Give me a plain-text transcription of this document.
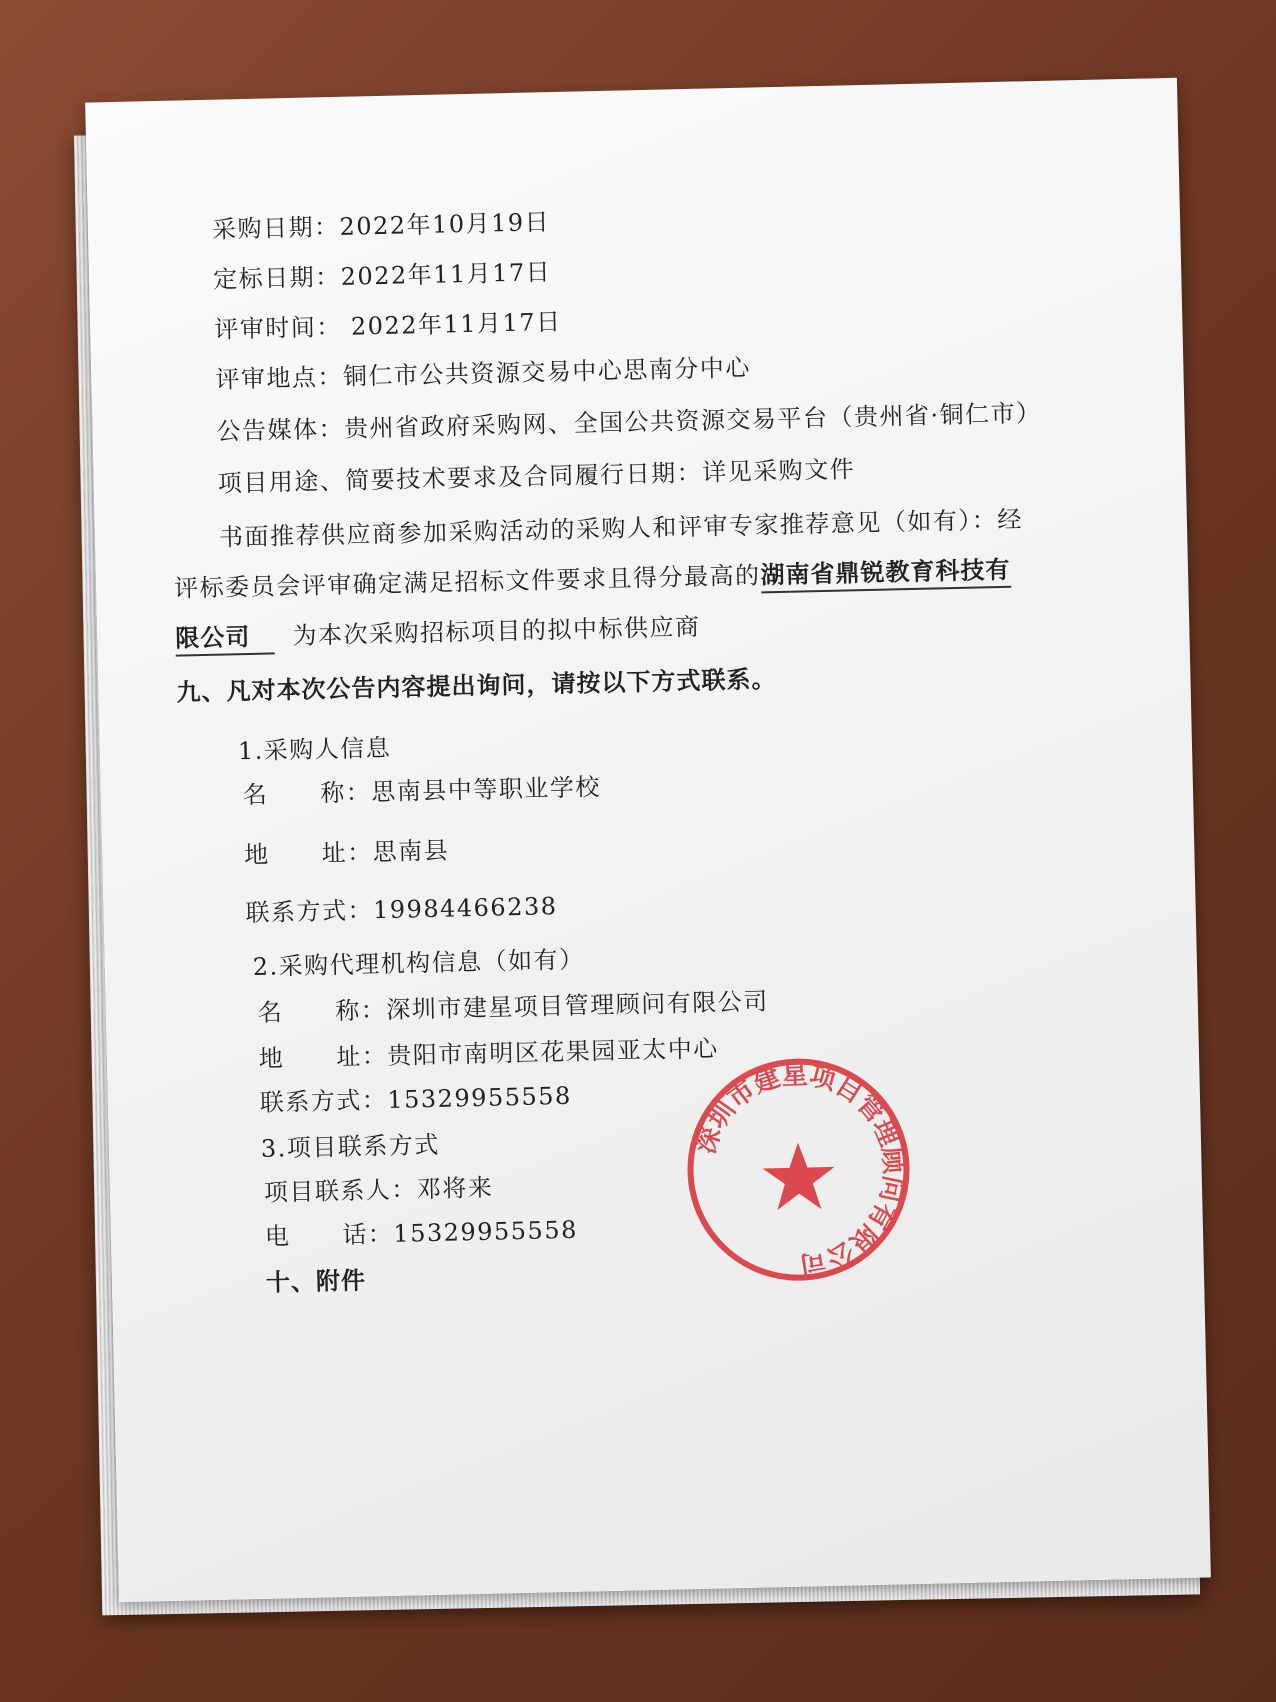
采购日期：2022年10月19日
定标日期：2022年11月17日
评审时间： 2022年11月17日
评审地点：铜仁市公共资源交易中心思南分中心
公告媒体：贵州省政府采购网、全国公共资源交易平台（贵州省·铜仁市）
项目用途、简要技术要求及合同履行日期：详见采购文件
书面推荐供应商参加采购活动的采购人和评审专家推荐意见（如有）：经
评标委员会评审确定满足招标文件要求且得分最高的湖南省鼎锐教育科技有
限公司 为本次采购招标项目的拟中标供应商
九、凡对本次公告内容提出询问，请按以下方式联系。
1.采购人信息
名 称：思南县中等职业学校
地 址：思南县
联系方式：19984466238
2.采购代理机构信息（如有）
名 称：深圳市建星项目管理顾问有限公司
地 址：贵阳市南明区花果园亚太中心
联系方式：15329955558
3.项目联系方式
项目联系人：邓将来
电 话：15329955558
十、附件
深圳市建星项目管理顾问有限公司
